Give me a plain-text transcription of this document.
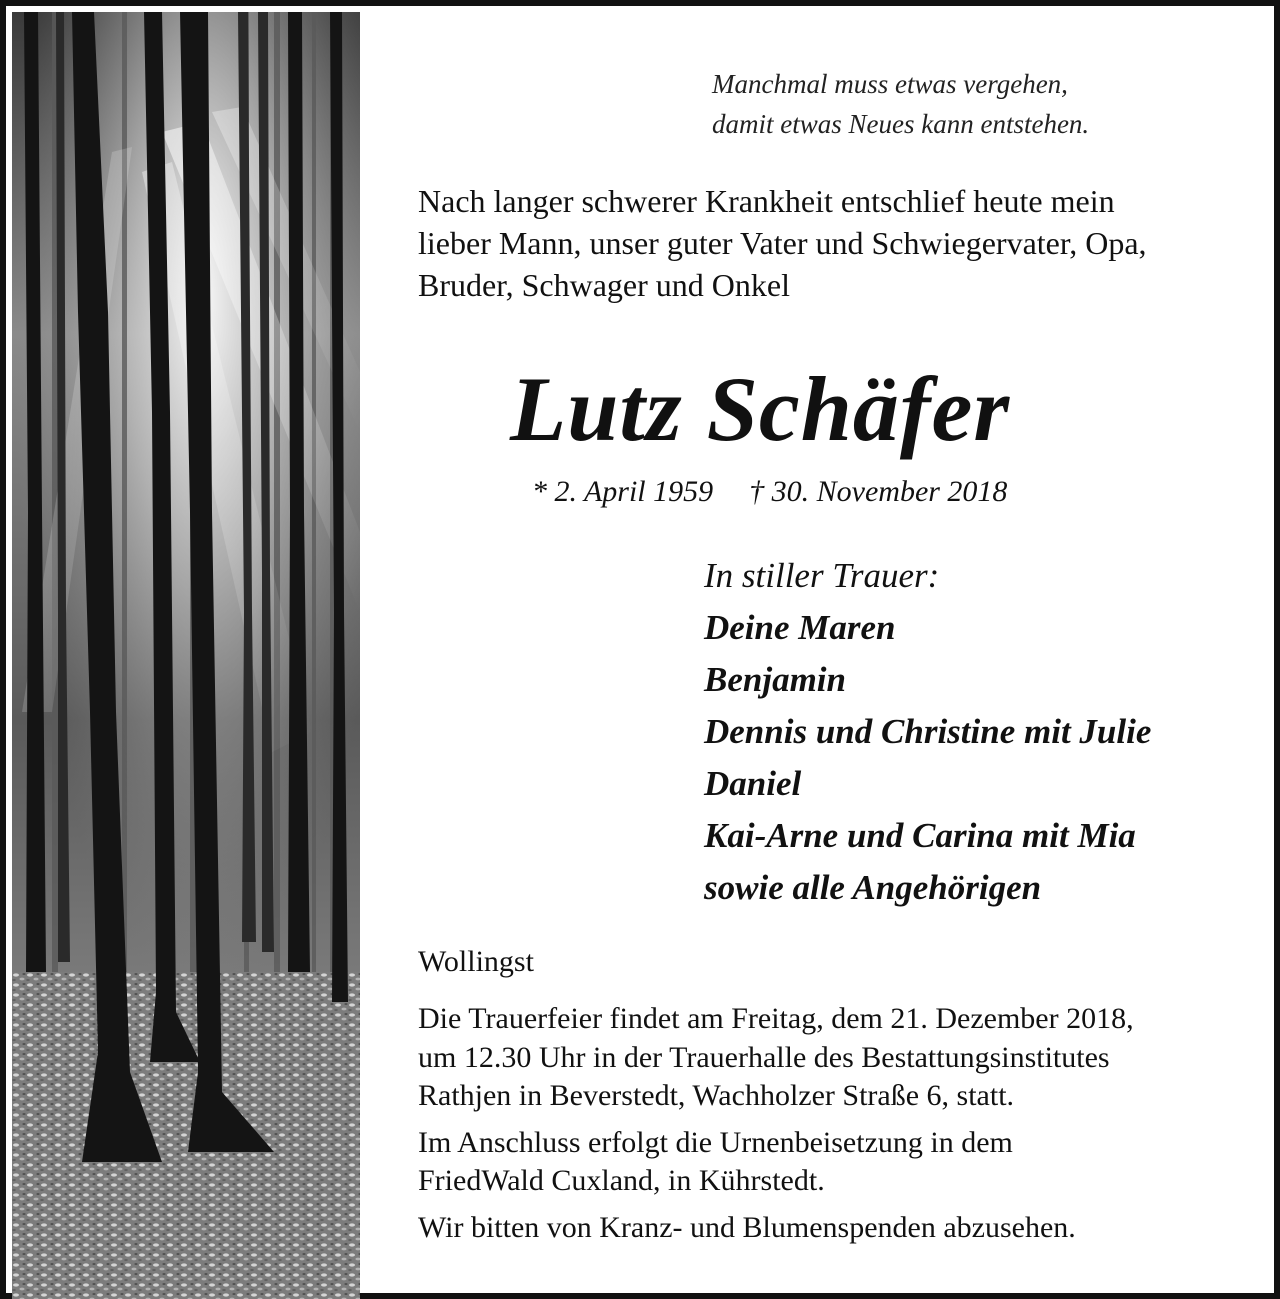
Manchmal muss etwas vergehen,
damit etwas Neues kann entstehen.
Nach langer schwerer Krankheit entschlief heute mein
lieber Mann, unser guter Vater und Schwiegervater, Opa,
Bruder, Schwager und Onkel
Lutz Schäfer
* 2. April 1959 † 30. November 2018
In stiller Trauer:
Deine Maren
Benjamin
Dennis und Christine mit Julie
Daniel
Kai-Arne und Carina mit Mia
sowie alle Angehörigen
Wollingst
Die Trauerfeier findet am Freitag, dem 21. Dezember 2018,
um 12.30 Uhr in der Trauerhalle des Bestattungsinstitutes
Rathjen in Beverstedt, Wachholzer Straße 6, statt.
Im Anschluss erfolgt die Urnenbeisetzung in dem
FriedWald Cuxland, in Kührstedt.
Wir bitten von Kranz- und Blumenspenden abzusehen.
